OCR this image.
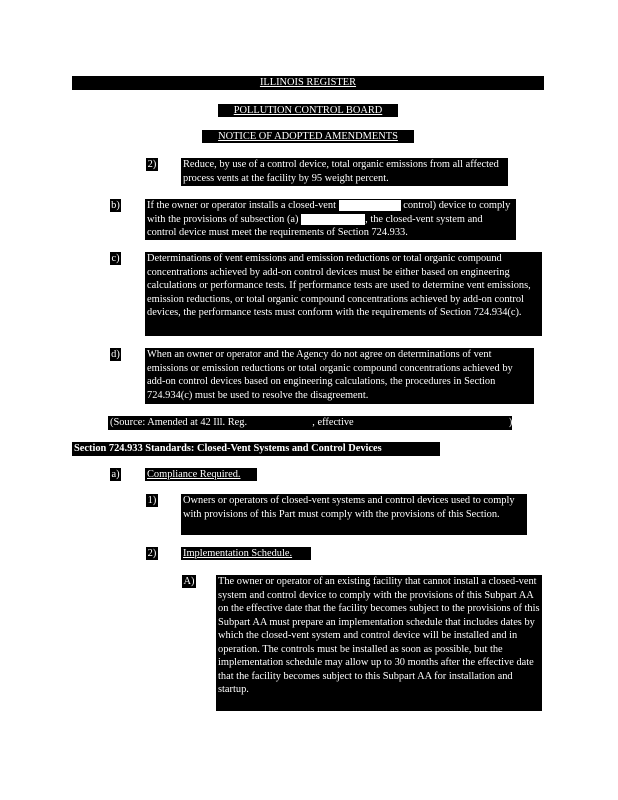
ILLINOIS REGISTER
POLLUTION CONTROL BOARD
NOTICE OF ADOPTED AMENDMENTS
2)	Reduce, by use of a control device, total organic emissions from all affected process vents at the facility by 95 weight percent.
b)	If the owner or operator installs a closed-vent	control) device to comply with the provisions of subsection (a)	, the closed-vent system and control device must meet the requirements of Section 724.933.
c)	Determinations of vent emissions and emission reductions or total organic compound concentrations achieved by add-on control devices must be either based on engineering calculations or performance tests. If performance tests are used to determine vent emissions, emission reductions, or total organic compound concentrations achieved by add-on control devices, the performance tests must conform with the requirements of Section 724.934(c).
d)	When an owner or operator and the Agency do not agree on determinations of vent emissions or emission reductions or total organic compound concentrations achieved by add-on control devices based on engineering calculations, the procedures in Section 724.934(c) must be used to resolve the disagreement.
(Source: Amended at 42 Ill. Reg.	, effective	)
Section 724.933 Standards: Closed-Vent Systems and Control Devices
a)	Compliance Required.
1)	Owners or operators of closed-vent systems and control devices used to comply with provisions of this Part must comply with the provisions of this Section.
2)	Implementation Schedule.
A) The owner or operator of an existing facility that cannot install a closed-vent system and control device to comply with the provisions of this Subpart AA on the effective date that the facility becomes subject to the provisions of this Subpart AA must prepare an implementation schedule that includes dates by which the closed-vent system and control device will be installed and in operation. The controls must be installed as soon as possible, but the implementation schedule may allow up to 30 months after the effective date that the facility becomes subject to this Subpart AA for installation and startup.
